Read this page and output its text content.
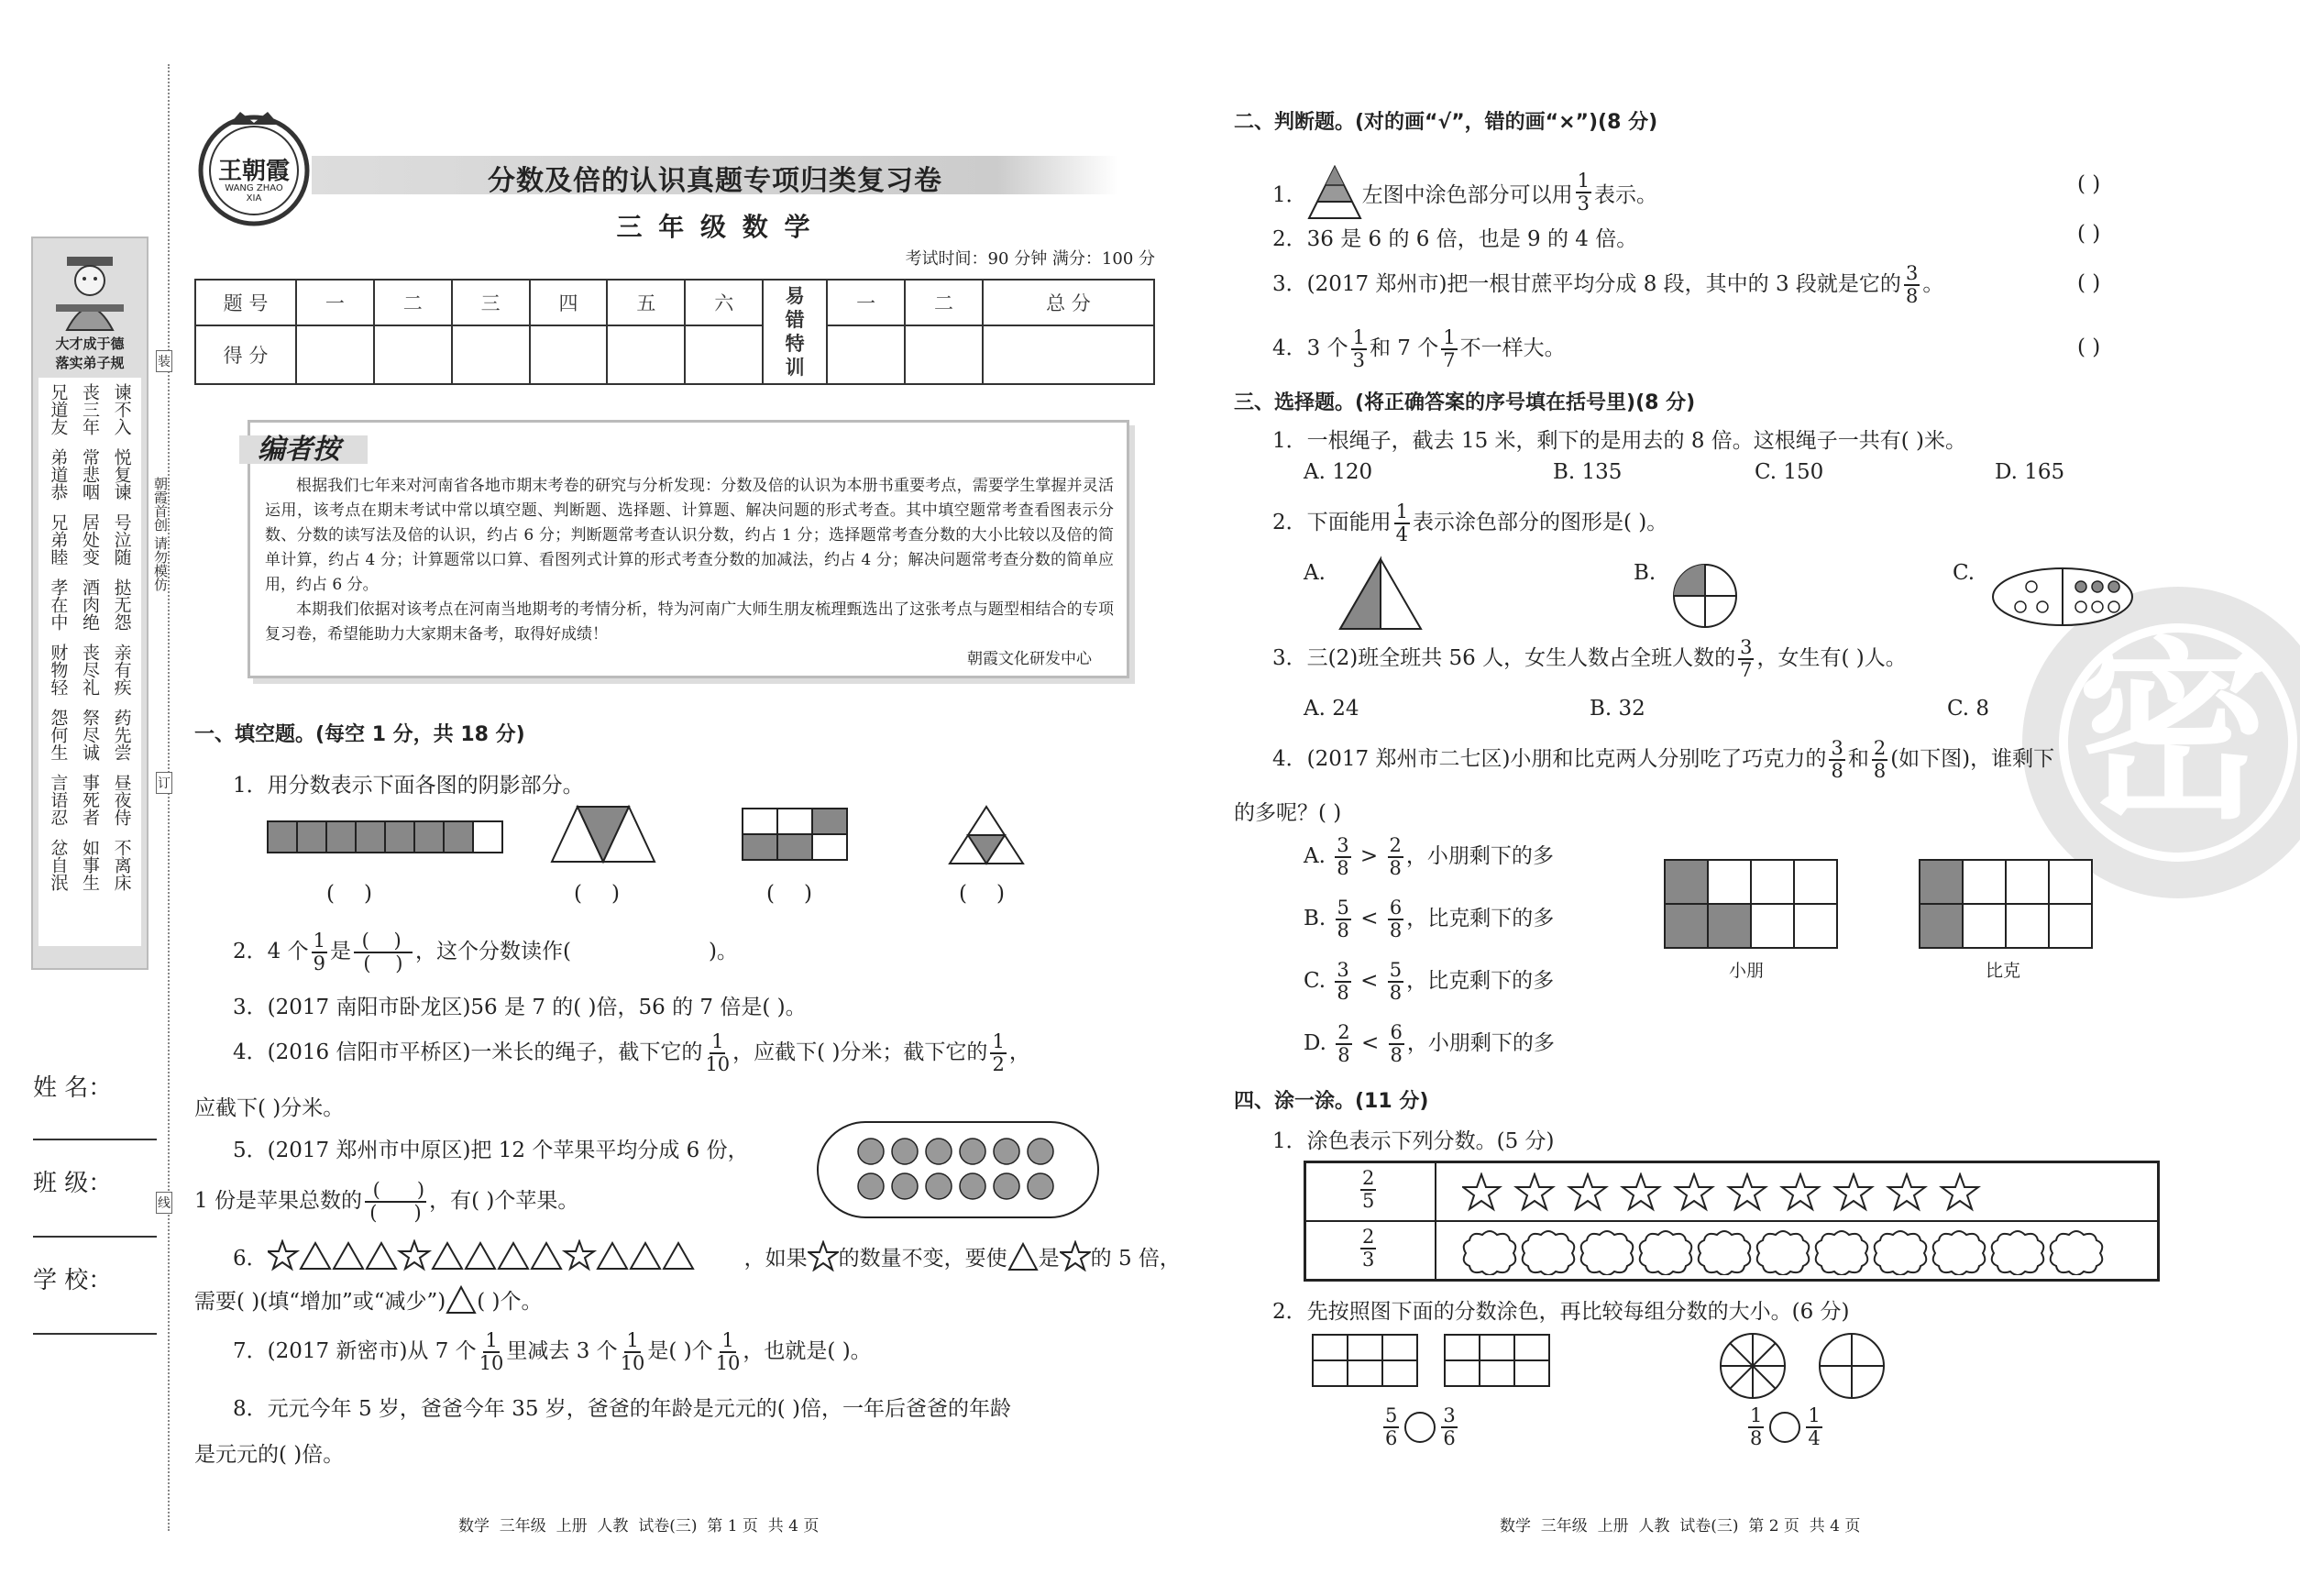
装
订
线
朝霞首创 请勿模仿
大才成于德
落实弟子规
谏不入
悦复谏
号泣随
挞无怨
亲有疾
药先尝
昼夜侍
不离床
丧三年
常悲咽
居处变
酒肉绝
丧尽礼
祭尽诚
事死者
如事生
兄道友
弟道恭
兄弟睦
孝在中
财物轻
怨何生
言语忍
忿自泯
姓 名：
班 级：
学 校：
王朝霞
WANG ZHAO XIA
分数及倍的认识真题专项归类复习卷
三 年 级 数 学
考试时间：90 分钟 满分：100 分
题 号	一	二	三	四	五	六	易错特训	一	二	总 分
得 分										
编者按

根据我们七年来对河南省各地市期末考卷的研究与分析发现：分数及倍的认识为本册书重要考点，需要学生掌握并灵活运用，该考点在期末考试中常以填空题、判断题、选择题、计算题、解决问题的形式考查。其中填空题常考查看图表示分数、分数的读写法及倍的认识，约占 6 分；判断题常考查认识分数，约占 1 分；选择题常考查分数的大小比较以及倍的简单计算，约占 4 分；计算题常以口算、看图列式计算的形式考查分数的加减法，约占 4 分；解决问题常考查分数的简单应用，约占 6 分。

本期我们依据对该考点在河南当地期考的考情分析，特为河南广大师生朋友梳理甄选出了这张考点与题型相结合的专项复习卷，希望能助力大家期末备考，取得好成绩！

朝霞文化研发中心

一、填空题。(每空 1 分，共 18 分)
1．用分数表示下面各图的阴影部分。
()	()	()	()
2．4 个 $\frac{1}{9}$ 是 $\frac{( )}{( )}$ ，这个分数读作(	)。
3．(2017 南阳市卧龙区)56 是 7 的( )倍，56 的 7 倍是( )。
4．(2016 信阳市平桥区)一米长的绳子，截下它的 $\frac{1}{10}$ ，应截下( )分米；截下它的 $\frac{1}{2}$ ，
应截下( )分米。
5．(2017 郑州市中原区)把 12 个苹果平均分成 6 份，
1 份是苹果总数的 $\frac{( )}{( )}$ ，有( )个苹果。
6．	，如果 的数量不变，要使 是 的 5 倍，
需要( )(填“增加”或“减少”) ( )个。
7．(2017 新密市)从 7 个 $\frac{1}{10}$ 里减去 3 个 $\frac{1}{10}$ 是( )个 $\frac{1}{10}$ ，也就是( )。
8．元元今年 5 岁，爸爸今年 35 岁，爸爸的年龄是元元的( )倍，一年后爸爸的年龄
是元元的( )倍。
数学  三年级  上册  人教  试卷(三)  第 1 页  共 4 页
密
二、判断题。(对的画“√”，错的画“×”)(8 分)
1．	左图中涂色部分可以用 $\frac{1}{3}$ 表示。
2．36 是 6 的 6 倍，也是 9 的 4 倍。
3．(2017 郑州市)把一根甘蔗平均分成 8 段，其中的 3 段就是它的 $\frac{3}{8}$ 。
4．3 个 $\frac{1}{3}$ 和 7 个 $\frac{1}{7}$ 不一样大。
( )
( )
( )
( )
三、选择题。(将正确答案的序号填在括号里)(8 分)
1．一根绳子，截去 15 米，剩下的是用去的 8 倍。这根绳子一共有( )米。
A. 120	B. 135	C. 150	D. 165
2．下面能用 $\frac{1}{4}$ 表示涂色部分的图形是( )。
A.	B.	C.
3．三(2)班全班共 56 人，女生人数占全班人数的 $\frac{3}{7}$ ，女生有( )人。
A. 24	B. 32	C. 8
4．(2017 郑州市二七区)小朋和比克两人分别吃了巧克力的 $\frac{3}{8}$ 和 $\frac{2}{8}$ (如下图)，谁剩下
的多呢？( )
A. $\frac{3}{8} > \frac{2}{8}$ ，小朋剩下的多
B. $\frac{5}{8} < \frac{6}{8}$ ，比克剩下的多
C. $\frac{3}{8} < \frac{5}{8}$ ，比克剩下的多
D. $\frac{2}{8} < \frac{6}{8}$ ，小朋剩下的多
小朋	比克
四、涂一涂。(11 分)
1．涂色表示下列分数。(5 分)
$\frac{2}{5}$
$\frac{2}{3}$
2．先按照图下面的分数涂色，再比较每组分数的大小。(6 分)
$\frac{5}{6} \frac{3}{6}$	$\frac{1}{8} \frac{1}{4}$
数学  三年级  上册  人教  试卷(三)  第 2 页  共 4 页
